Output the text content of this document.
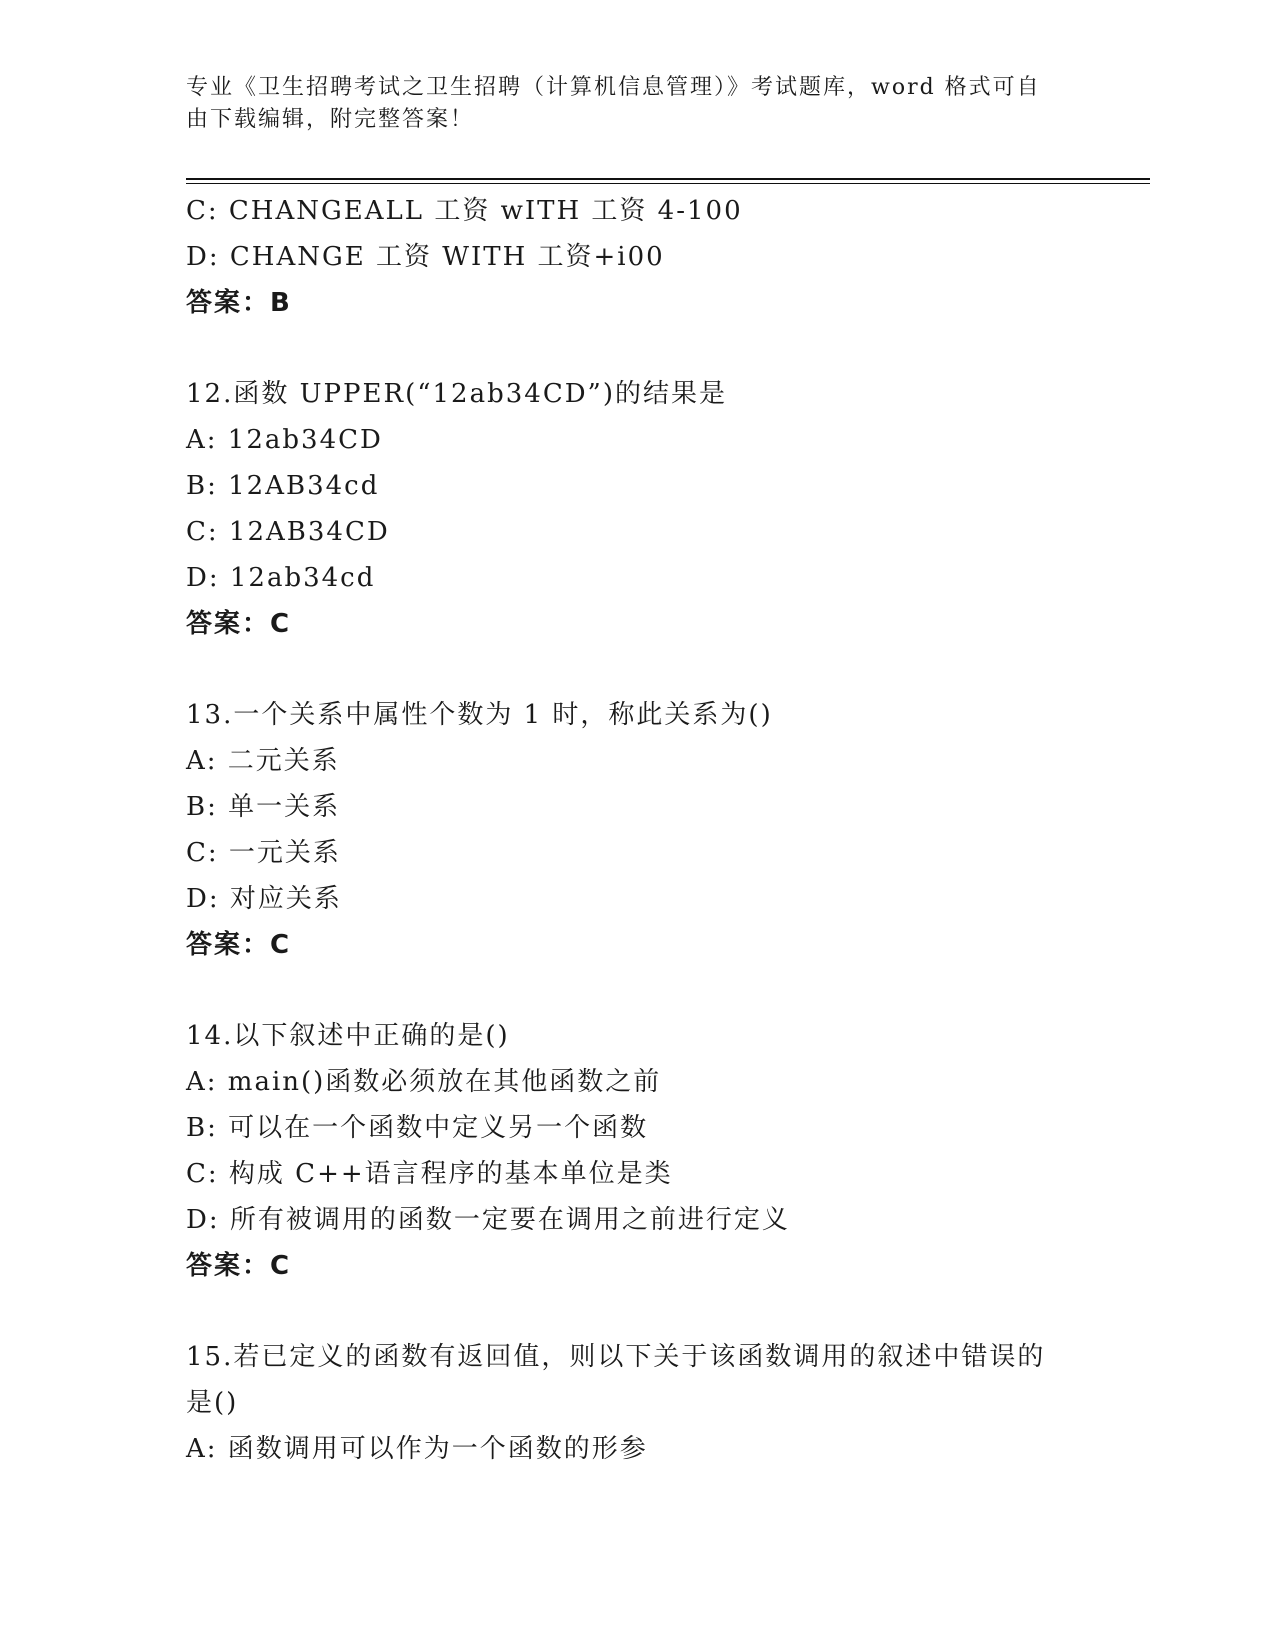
专业《卫生招聘考试之卫生招聘（计算机信息管理）》考试题库，word 格式可自
由下载编辑，附完整答案！
C: CHANGEALL 工资 wITH 工资 4-100
D: CHANGE 工资 WITH 工资+i00
答案：B
12.函数 UPPER(“12ab34CD”)的结果是
A: 12ab34CD
B: 12AB34cd
C: 12AB34CD
D: 12ab34cd
答案：C
13.一个关系中属性个数为 1 时，称此关系为()
A: 二元关系
B: 单一关系
C: 一元关系
D: 对应关系
答案：C
14.以下叙述中正确的是()
A: main()函数必须放在其他函数之前
B: 可以在一个函数中定义另一个函数
C: 构成 C++语言程序的基本单位是类
D: 所有被调用的函数一定要在调用之前进行定义
答案：C
15.若已定义的函数有返回值，则以下关于该函数调用的叙述中错误的
是()
A: 函数调用可以作为一个函数的形参
